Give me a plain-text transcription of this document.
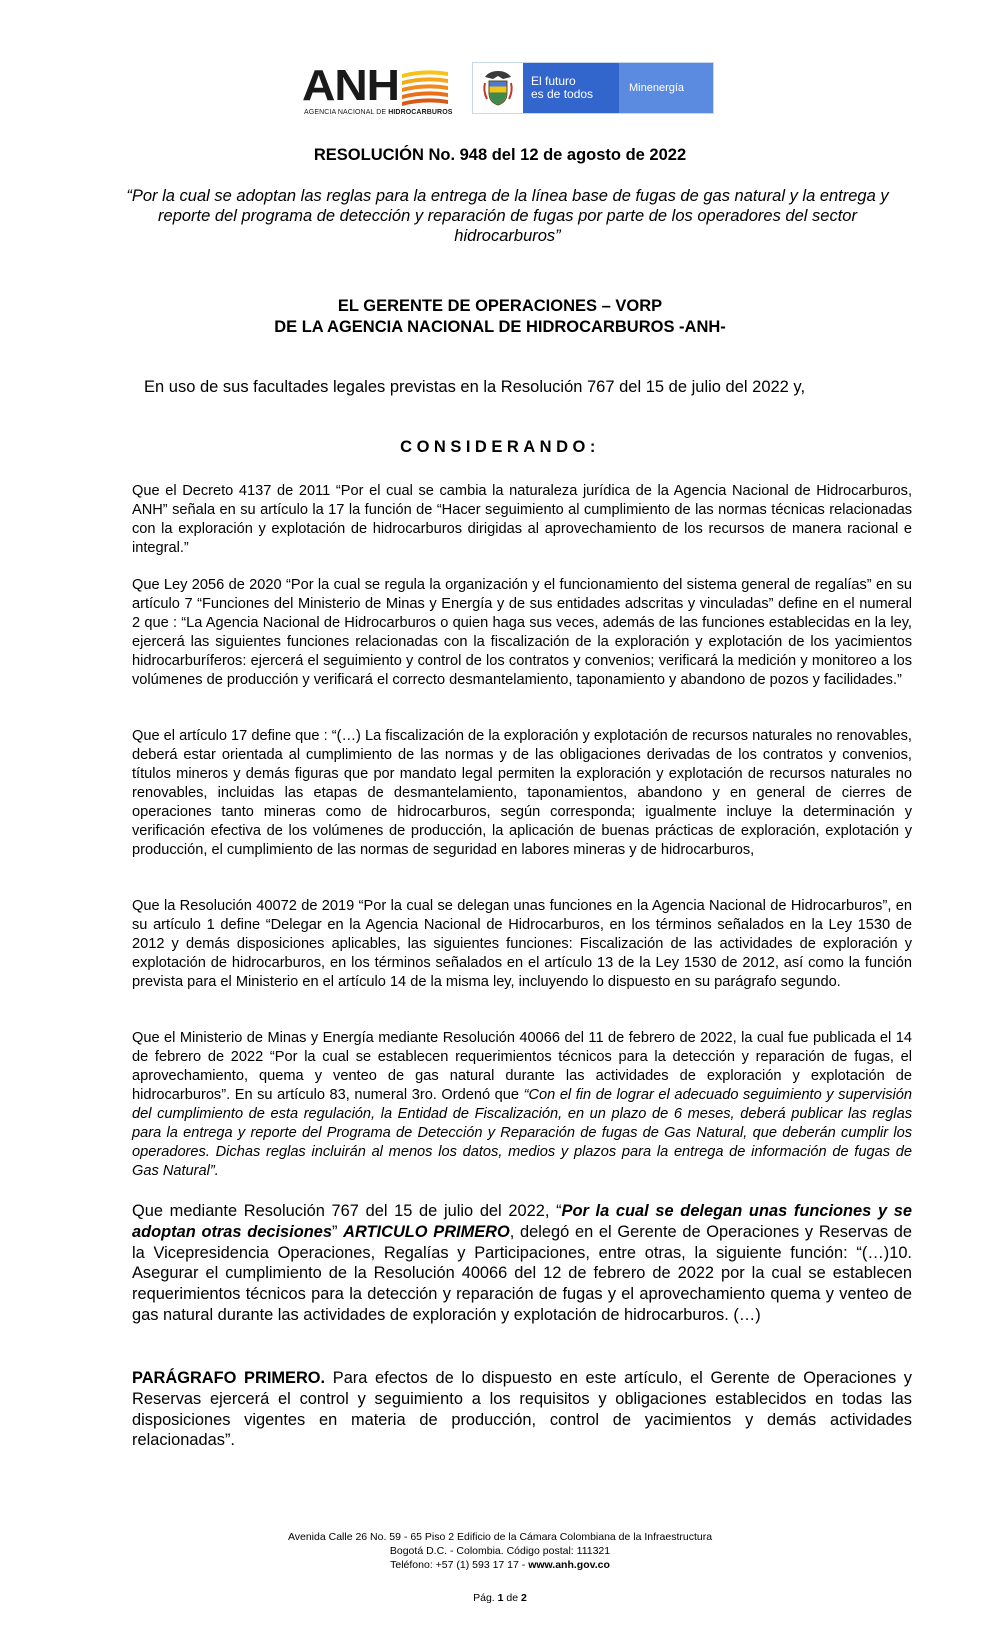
ANH
AGENCIA NACIONAL DE HIDROCARBUROS
El futuro
es de todos	Minenergía
RESOLUCIÓN No. 948 del 12 de agosto de 2022
“Por la cual se adoptan las reglas para la entrega de la línea base de fugas de gas natural y la entrega y reporte del programa de detección y reparación de fugas por parte de los operadores del sector hidrocarburos”
EL GERENTE DE OPERACIONES – VORP
DE LA AGENCIA NACIONAL DE HIDROCARBUROS -ANH-
En uso de sus facultades legales previstas en la Resolución 767 del 15 de julio del 2022 y,
CONSIDERANDO:
Que el Decreto 4137 de 2011 “Por el cual se cambia la naturaleza jurídica de la Agencia Nacional de Hidrocarburos, ANH” señala en su artículo la 17 la función de “Hacer seguimiento al cumplimiento de las normas técnicas relacionadas con la exploración y explotación de hidrocarburos dirigidas al aprovechamiento de los recursos de manera racional e integral.”
Que Ley 2056 de 2020 “Por la cual se regula la organización y el funcionamiento del sistema general de regalías” en su artículo 7 “Funciones del Ministerio de Minas y Energía y de sus entidades adscritas y vinculadas” define en el numeral 2 que : “La Agencia Nacional de Hidrocarburos o quien haga sus veces, además de las funciones establecidas en la ley, ejercerá las siguientes funciones relacionadas con la fiscalización de la exploración y explotación de los yacimientos hidrocarburíferos: ejercerá el seguimiento y control de los contratos y convenios; verificará la medición y monitoreo a los volúmenes de producción y verificará el correcto desmantelamiento, taponamiento y abandono de pozos y facilidades.”
Que el artículo 17 define que : “(…) La fiscalización de la exploración y explotación de recursos naturales no renovables, deberá estar orientada al cumplimiento de las normas y de las obligaciones derivadas de los contratos y convenios, títulos mineros y demás figuras que por mandato legal permiten la exploración y explotación de recursos naturales no renovables, incluidas las etapas de desmantelamiento, taponamientos, abandono y en general de cierres de operaciones tanto mineras como de hidrocarburos, según corresponda; igualmente incluye la determinación y verificación efectiva de los volúmenes de producción, la aplicación de buenas prácticas de exploración, explotación y producción, el cumplimiento de las normas de seguridad en labores mineras y de hidrocarburos,
Que la Resolución 40072 de 2019 “Por la cual se delegan unas funciones en la Agencia Nacional de Hidrocarburos”, en su artículo 1 define “Delegar en la Agencia Nacional de Hidrocarburos, en los términos señalados en la Ley 1530 de 2012 y demás disposiciones aplicables, las siguientes funciones: Fiscalización de las actividades de exploración y explotación de hidrocarburos, en los términos señalados en el artículo 13 de la Ley 1530 de 2012, así como la función prevista para el Ministerio en el artículo 14 de la misma ley, incluyendo lo dispuesto en su parágrafo segundo.
Que el Ministerio de Minas y Energía mediante Resolución 40066 del 11 de febrero de 2022, la cual fue publicada el 14 de febrero de 2022 “Por la cual se establecen requerimientos técnicos para la detección y reparación de fugas, el aprovechamiento, quema y venteo de gas natural durante las actividades de exploración y explotación de hidrocarburos”. En su artículo 83, numeral 3ro. Ordenó que “Con el fin de lograr el adecuado seguimiento y supervisión del cumplimiento de esta regulación, la Entidad de Fiscalización, en un plazo de 6 meses, deberá publicar las reglas para la entrega y reporte del Programa de Detección y Reparación de fugas de Gas Natural, que deberán cumplir los operadores. Dichas reglas incluirán al menos los datos, medios y plazos para la entrega de información de fugas de Gas Natural”.
Que mediante Resolución 767 del 15 de julio del 2022, “Por la cual se delegan unas funciones y se adoptan otras decisiones” ARTICULO PRIMERO, delegó en el Gerente de Operaciones y Reservas de la Vicepresidencia Operaciones, Regalías y Participaciones, entre otras, la siguiente función: “(…)10. Asegurar el cumplimiento de la Resolución 40066 del 12 de febrero de 2022 por la cual se establecen requerimientos técnicos para la detección y reparación de fugas y el aprovechamiento quema y venteo de gas natural durante las actividades de exploración y explotación de hidrocarburos. (…)
PARÁGRAFO PRIMERO. Para efectos de lo dispuesto en este artículo, el Gerente de Operaciones y Reservas ejercerá el control y seguimiento a los requisitos y obligaciones establecidos en todas las disposiciones vigentes en materia de producción, control de yacimientos y demás actividades relacionadas”.
Avenida Calle 26 No. 59 - 65 Piso 2 Edificio de la Cámara Colombiana de la Infraestructura
Bogotá D.C. - Colombia. Código postal: 111321
Teléfono: +57 (1) 593 17 17 - www.anh.gov.co
Pág. 1 de 2
